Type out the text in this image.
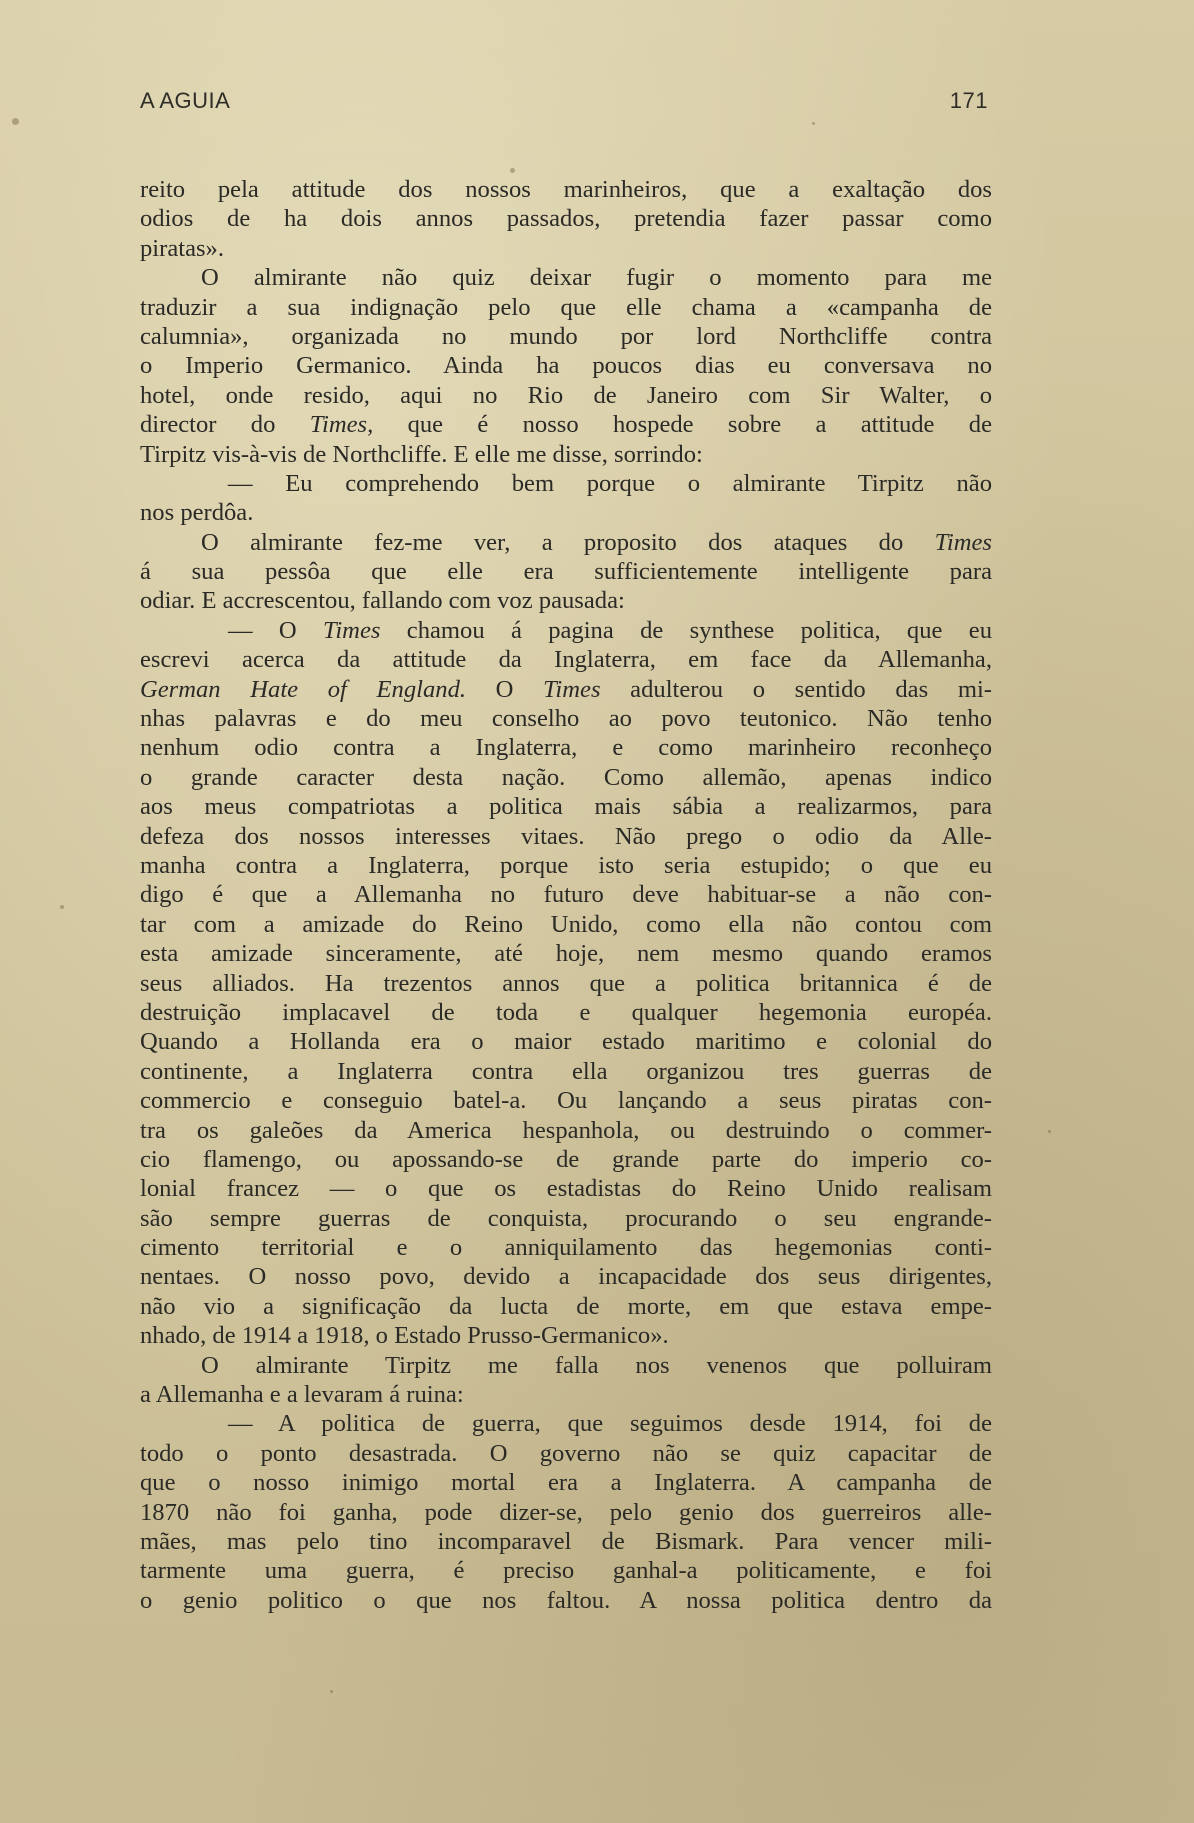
A AGUIA	171
reito pela attitude dos nossos marinheiros, que a exaltação dos
odios de ha dois annos passados, pretendia fazer passar como
piratas».
O almirante não quiz deixar fugir o momento para me
traduzir a sua indignação pelo que elle chama a «campanha de
calumnia», organizada no mundo por lord Northcliffe contra
o Imperio Germanico. Ainda ha poucos dias eu conversava no
hotel, onde resido, aqui no Rio de Janeiro com Sir Walter, o
director do Times, que é nosso hospede sobre a attitude de
Tirpitz vis-à-vis de Northcliffe. E elle me disse, sorrindo:
— Eu comprehendo bem porque o almirante Tirpitz não
nos perdôa.
O almirante fez-me ver, a proposito dos ataques do Times
á sua pessôa que elle era sufficientemente intelligente para
odiar. E accrescentou, fallando com voz pausada:
— O Times chamou á pagina de synthese politica, que eu
escrevi acerca da attitude da Inglaterra, em face da Allemanha,
German Hate of England. O Times adulterou o sentido das mi-
nhas palavras e do meu conselho ao povo teutonico. Não tenho
nenhum odio contra a Inglaterra, e como marinheiro reconheço
o grande caracter desta nação. Como allemão, apenas indico
aos meus compatriotas a politica mais sábia a realizarmos, para
defeza dos nossos interesses vitaes. Não prego o odio da Alle-
manha contra a Inglaterra, porque isto seria estupido; o que eu
digo é que a Allemanha no futuro deve habituar-se a não con-
tar com a amizade do Reino Unido, como ella não contou com
esta amizade sinceramente, até hoje, nem mesmo quando eramos
seus alliados. Ha trezentos annos que a politica britannica é de
destruição implacavel de toda e qualquer hegemonia européa.
Quando a Hollanda era o maior estado maritimo e colonial do
continente, a Inglaterra contra ella organizou tres guerras de
commercio e conseguio batel-a. Ou lançando a seus piratas con-
tra os galeões da America hespanhola, ou destruindo o commer-
cio flamengo, ou apossando-se de grande parte do imperio co-
lonial francez — o que os estadistas do Reino Unido realisam
são sempre guerras de conquista, procurando o seu engrande-
cimento territorial e o anniquilamento das hegemonias conti-
nentaes. O nosso povo, devido a incapacidade dos seus dirigentes,
não vio a significação da lucta de morte, em que estava empe-
nhado, de 1914 a 1918, o Estado Prusso-Germanico».
O almirante Tirpitz me falla nos venenos que polluiram
a Allemanha e a levaram á ruina:
— A politica de guerra, que seguimos desde 1914, foi de
todo o ponto desastrada. O governo não se quiz capacitar de
que o nosso inimigo mortal era a Inglaterra. A campanha de
1870 não foi ganha, pode dizer-se, pelo genio dos guerreiros alle-
mães, mas pelo tino incomparavel de Bismark. Para vencer mili-
tarmente uma guerra, é preciso ganhal-a politicamente, e foi
o genio politico o que nos faltou. A nossa politica dentro da
